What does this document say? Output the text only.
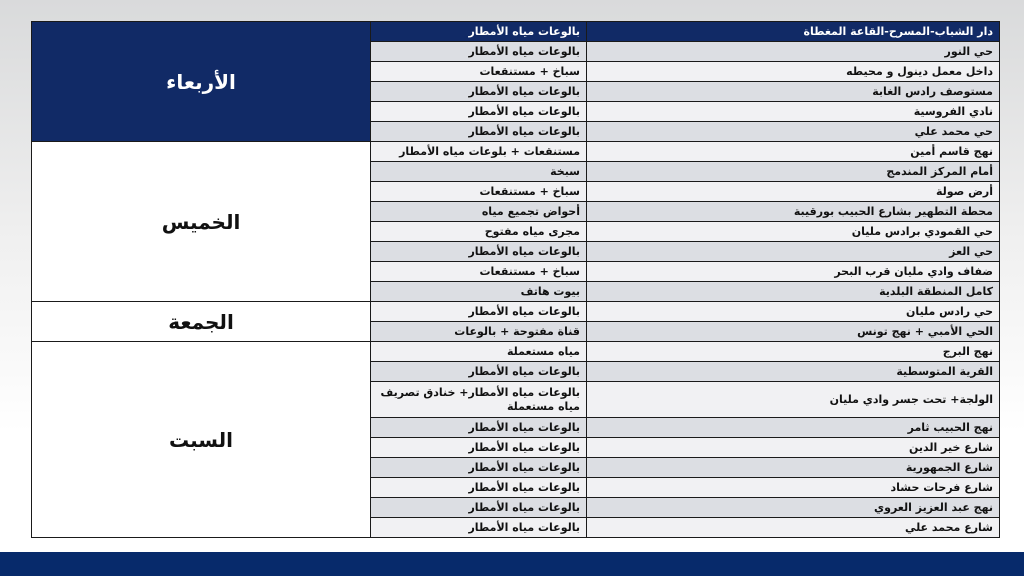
دار الشباب-المسرح-القاعة المغطاة	بالوعات مياه الأمطار	الأربعاء
حي النور	بالوعات مياه الأمطار	
داخل معمل دينول و محيطه	سباخ + مستنقعات	
مستوصف رادس الغابة	بالوعات مياه الأمطار	
نادي الفروسية	بالوعات مياه الأمطار	
حي محمد علي	بالوعات مياه الأمطار	
نهج قاسم أمين	مستنقعات + بلوعات مياه الأمطار	الخميس
أمام المركز المندمج	سبخة	
أرض صولة	سباخ + مستنقعات	
محطة التطهير بشارع الحبيب بورقيبة	أحواض تجميع مياه	
حي القمودي برادس مليان	مجرى مياه مفتوح	
حي العز	بالوعات مياه الأمطار	
ضفاف وادي مليان قرب البحر	سباخ + مستنقعات	
كامل المنطقة البلدية	بيوت هاتف	
حي رادس مليان	بالوعات مياه الأمطار	الجمعة
الحي الأمبي + نهج تونس	قناة مفتوحة + بالوعات	
نهج البرج	مياه مستعملة	السبت
القرية المتوسطية	بالوعات مياه الأمطار	
الولجة+ تحت جسر وادي مليان	بالوعات مياه الأمطار+ خنادق تصريف مياه مستعملة	
نهج الحبيب ثامر	بالوعات مياه الأمطار	
شارع خير الدين	بالوعات مياه الأمطار	
شارع الجمهورية	بالوعات مياه الأمطار	
شارع فرحات حشاد	بالوعات مياه الأمطار	
نهج عبد العزيز العروي	بالوعات مياه الأمطار	
شارع محمد علي	بالوعات مياه الأمطار	
